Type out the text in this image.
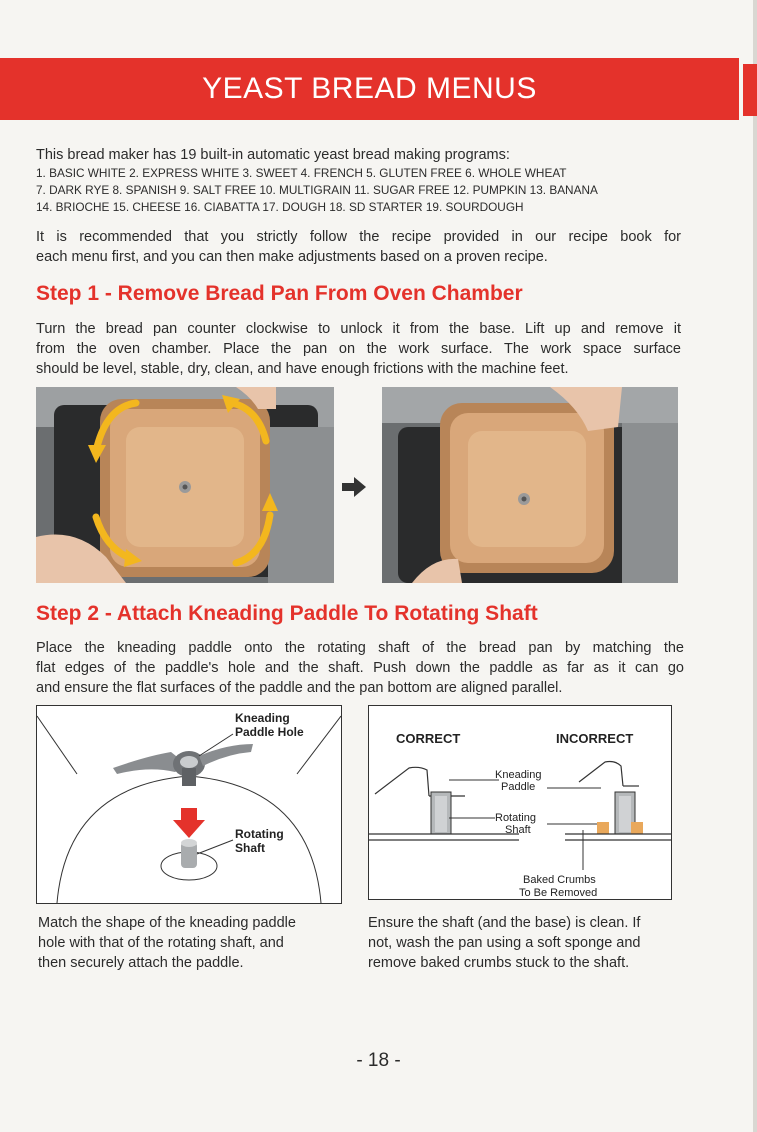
YEAST BREAD MENUS

This bread maker has 19 built-in automatic yeast bread making programs:

1. BASIC WHITE 2. EXPRESS WHITE 3. SWEET 4. FRENCH 5. GLUTEN FREE 6. WHOLE WHEAT

7. DARK RYE 8. SPANISH 9. SALT FREE 10. MULTIGRAIN 11. SUGAR FREE 12. PUMPKIN 13. BANANA

14. BRIOCHE 15. CHEESE 16. CIABATTA 17. DOUGH 18. SD STARTER 19. SOURDOUGH

It is recommended that you strictly follow the recipe provided in our recipe book for

each menu first, and you can then make adjustments based on a proven recipe.

Step 1 - Remove Bread Pan From Oven Chamber

Turn the bread pan counter clockwise to unlock it from the base. Lift up and remove it

from the oven chamber. Place the pan on the work surface. The work space surface

should be level, stable, dry, clean, and have enough frictions with the machine feet.

Step 2 - Attach Kneading Paddle To Rotating Shaft

Place the kneading paddle onto the rotating shaft of the bread pan by matching the

flat edges of the paddle's hole and the shaft. Push down the paddle as far as it can go

and ensure the flat surfaces of the paddle and the pan bottom are aligned parallel.

Kneading
Paddle Hole
Rotating
Shaft
CORRECT	INCORRECT
Kneading
Paddle
Rotating
Shaft
Baked Crumbs
To Be Removed

Match the shape of the kneading paddle

hole with that of the rotating shaft, and

then securely attach the paddle.

Ensure the shaft (and the base) is clean. If

not, wash the pan using a soft sponge and

remove baked crumbs stuck to the shaft.

- 18 -
